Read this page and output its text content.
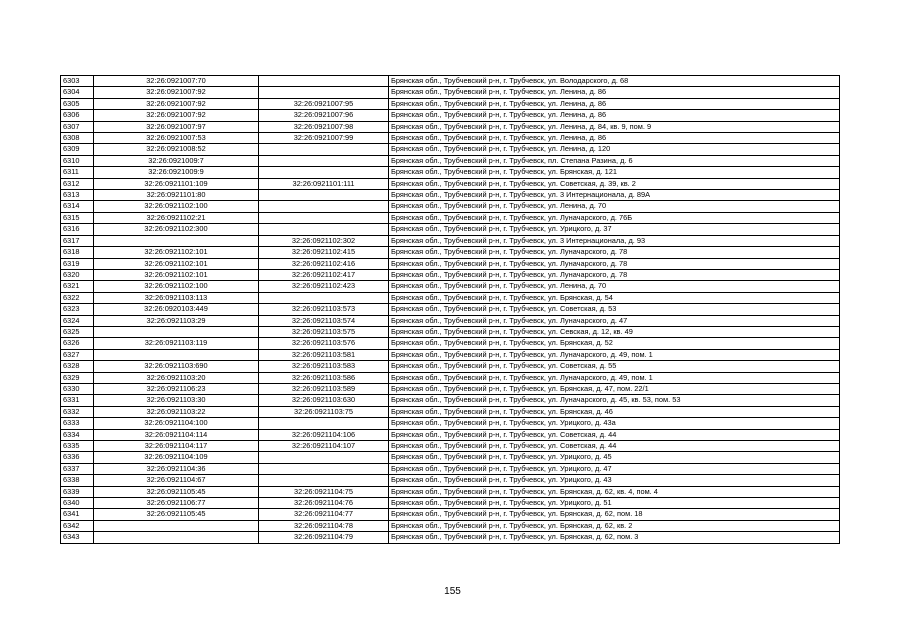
6303	32:26:0921007:70		Брянская обл., Трубчевский р-н, г. Трубчевск, ул. Володарского, д. 68
6304	32:26:0921007:92		Брянская обл., Трубчевский р-н, г. Трубчевск, ул. Ленина, д. 86
6305	32:26:0921007:92	32:26:0921007:95	Брянская обл., Трубчевский р-н, г. Трубчевск, ул. Ленина, д. 86
6306	32:26:0921007:92	32:26:0921007:96	Брянская обл., Трубчевский р-н, г. Трубчевск, ул. Ленина, д. 86
6307	32:26:0921007:97	32:26:0921007:98	Брянская обл., Трубчевский р-н, г. Трубчевск, ул. Ленина, д. 84, кв. 9, пом. 9
6308	32:26:0921007:53	32:26:0921007:99	Брянская обл., Трубчевский р-н, г. Трубчевск, ул. Ленина, д. 86
6309	32:26:0921008:52		Брянская обл., Трубчевский р-н, г. Трубчевск, ул. Ленина, д. 120
6310	32:26:0921009:7		Брянская обл., Трубчевский р-н, г. Трубчевск, пл. Степана Разина, д. 6
6311	32:26:0921009:9		Брянская обл., Трубчевский р-н, г. Трубчевск, ул. Брянская, д. 121
6312	32:26:0921101:109	32:26:0921101:111	Брянская обл., Трубчевский р-н, г. Трубчевск, ул. Советская, д. 39, кв. 2
6313	32:26:0921101:80		Брянская обл., Трубчевский р-н, г. Трубчевск, ул. 3 Интернационала, д. 89А
6314	32:26:0921102:100		Брянская обл., Трубчевский р-н, г. Трубчевск, ул. Ленина, д. 70
6315	32:26:0921102:21		Брянская обл., Трубчевский р-н, г. Трубчевск, ул. Луначарского, д. 76Б
6316	32:26:0921102:300		Брянская обл., Трубчевский р-н, г. Трубчевск, ул. Урицкого, д. 37
6317		32:26:0921102:302	Брянская обл., Трубчевский р-н, г. Трубчевск, ул. 3 Интернационала, д. 93
6318	32:26:0921102:101	32:26:0921102:415	Брянская обл., Трубчевский р-н, г. Трубчевск, ул. Луначарского, д. 78
6319	32:26:0921102:101	32:26:0921102:416	Брянская обл., Трубчевский р-н, г. Трубчевск, ул. Луначарского, д. 78
6320	32:26:0921102:101	32:26:0921102:417	Брянская обл., Трубчевский р-н, г. Трубчевск, ул. Луначарского, д. 78
6321	32:26:0921102:100	32:26:0921102:423	Брянская обл., Трубчевский р-н, г. Трубчевск, ул. Ленина, д. 70
6322	32:26:0921103:113		Брянская обл., Трубчевский р-н, г. Трубчевск, ул. Брянская, д. 54
6323	32:26:0920103:449	32:26:0921103:573	Брянская обл., Трубчевский р-н, г. Трубчевск, ул. Советская, д. 53
6324	32:26:0921103:29	32:26:0921103:574	Брянская обл., Трубчевский р-н, г. Трубчевск, ул. Луначарского, д. 47
6325		32:26:0921103:575	Брянская обл., Трубчевский р-н, г. Трубчевск, ул. Севская, д. 12, кв. 49
6326	32:26:0921103:119	32:26:0921103:576	Брянская обл., Трубчевский р-н, г. Трубчевск, ул. Брянская, д. 52
6327		32:26:0921103:581	Брянская обл., Трубчевский р-н, г. Трубчевск, ул. Луначарского, д. 49, пом. 1
6328	32:26:0921103:690	32:26:0921103:583	Брянская обл., Трубчевский р-н, г. Трубчевск, ул. Советская, д. 55
6329	32:26:0921103:20	32:26:0921103:586	Брянская обл., Трубчевский р-н, г. Трубчевск, ул. Луначарского, д. 49, пом. 1
6330	32:26:0921106:23	32:26:0921103:589	Брянская обл., Трубчевский р-н, г. Трубчевск, ул. Брянская, д. 47, пом. 22/1
6331	32:26:0921103:30	32:26:0921103:630	Брянская обл., Трубчевский р-н, г. Трубчевск, ул. Луначарского, д. 45, кв. 53, пом. 53
6332	32:26:0921103:22	32:26:0921103:75	Брянская обл., Трубчевский р-н, г. Трубчевск, ул. Брянская, д. 46
6333	32:26:0921104:100		Брянская обл., Трубчевский р-н, г. Трубчевск, ул. Урицкого, д. 43а
6334	32:26:0921104:114	32:26:0921104:106	Брянская обл., Трубчевский р-н, г. Трубчевск, ул. Советская, д. 44
6335	32:26:0921104:117	32:26:0921104:107	Брянская обл., Трубчевский р-н, г. Трубчевск, ул. Советская, д. 44
6336	32:26:0921104:109		Брянская обл., Трубчевский р-н, г. Трубчевск, ул. Урицкого, д. 45
6337	32:26:0921104:36		Брянская обл., Трубчевский р-н, г. Трубчевск, ул. Урицкого, д. 47
6338	32:26:0921104:67		Брянская обл., Трубчевский р-н, г. Трубчевск, ул. Урицкого, д. 43
6339	32:26:0921105:45	32:26:0921104:75	Брянская обл., Трубчевский р-н, г. Трубчевск, ул. Брянская, д. 62, кв. 4, пом. 4
6340	32:26:0921106:77	32:26:0921104:76	Брянская обл., Трубчевский р-н, г. Трубчевск, ул. Урицкого, д. 51
6341	32:26:0921105:45	32:26:0921104:77	Брянская обл., Трубчевский р-н, г. Трубчевск, ул. Брянская, д. 62, пом. 18
6342		32:26:0921104:78	Брянская обл., Трубчевский р-н, г. Трубчевск, ул. Брянская, д. 62, кв. 2
6343		32:26:0921104:79	Брянская обл., Трубчевский р-н, г. Трубчевск, ул. Брянская, д. 62, пом. 3
155
